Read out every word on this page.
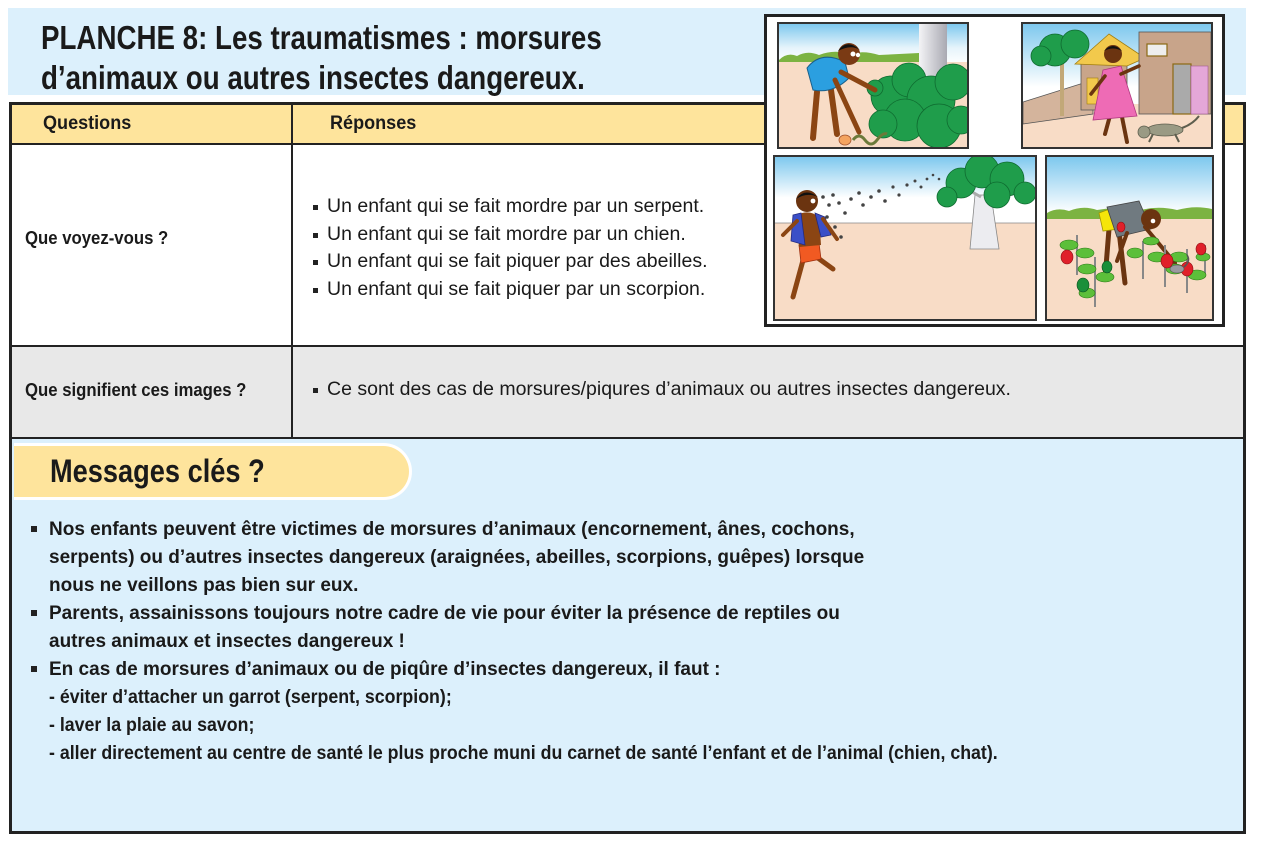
PLANCHE 8: Les traumatismes : morsures
d’animaux ou autres insectes dangereux.
Questions	Réponses
Que voyez-vous ?
Un enfant qui se fait mordre par un serpent.
Un enfant qui se fait mordre par un chien.
Un enfant qui se fait piquer par des abeilles.
Un enfant qui se fait piquer par un scorpion.
Que signifient ces images ?	Ce sont des cas de morsures/piqures d’animaux ou autres insectes dangereux.
Messages clés ?
Nos enfants peuvent être victimes de morsures d’animaux (encornement, ânes, cochons,
serpents) ou d’autres insectes dangereux (araignées, abeilles, scorpions, guêpes) lorsque
nous ne veillons pas bien sur eux.
Parents, assainissons toujours notre cadre de vie pour éviter la présence de reptiles ou
autres animaux et insectes dangereux !
En cas de morsures d’animaux ou de piqûre d’insectes dangereux, il faut :
- éviter d’attacher un garrot (serpent, scorpion);
- laver la plaie au savon;
- aller directement au centre de santé le plus proche muni du carnet de santé l’enfant et de l’animal (chien, chat).
